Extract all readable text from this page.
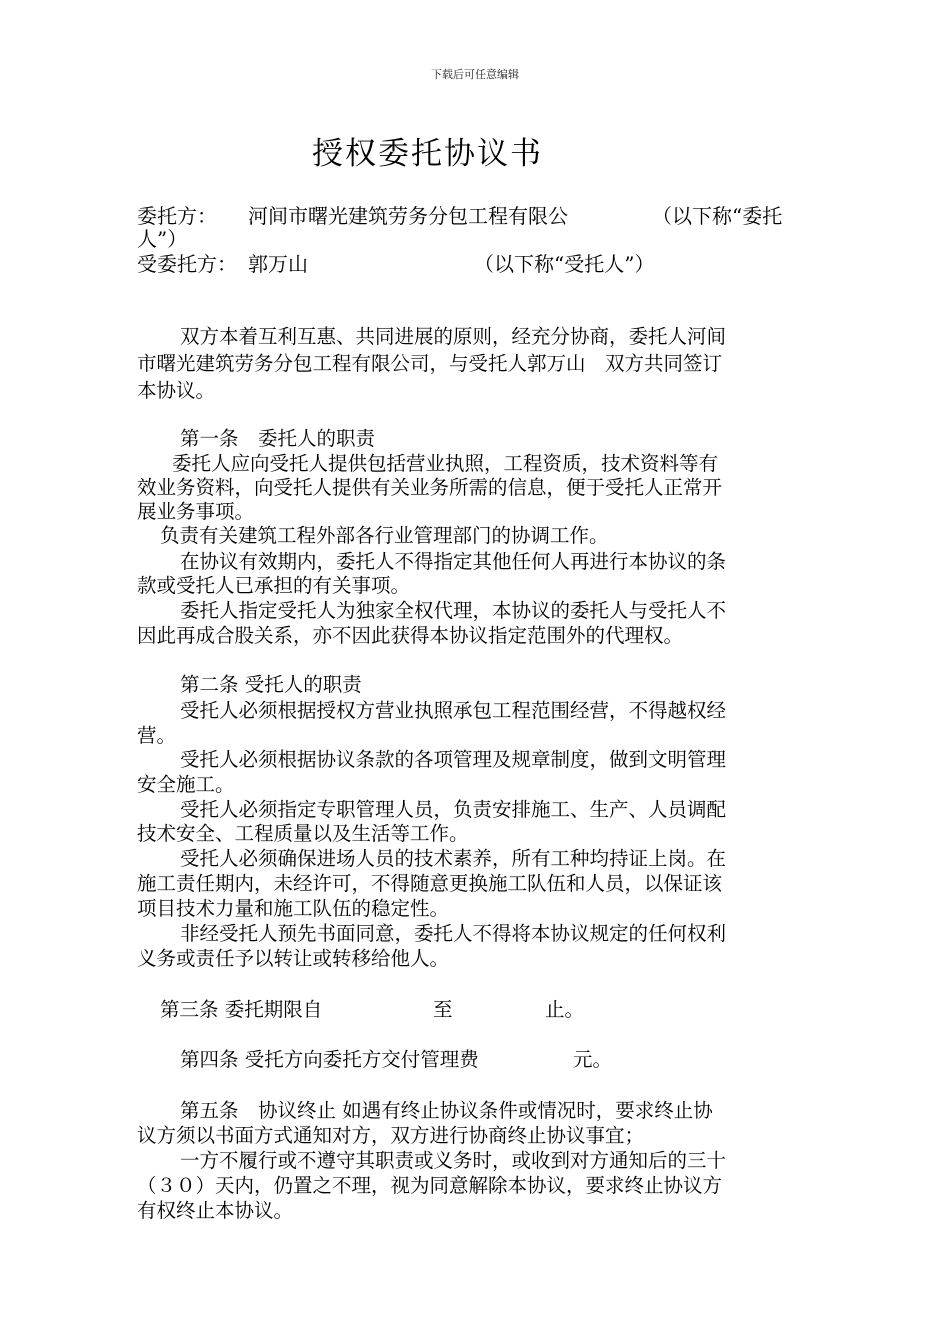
下载后可任意编辑
授权委托协议书
委托方： 河间市曙光建筑劳务分包工程有限公	（以下称“委托
人”）
受委托方： 郭万山	（以下称“受托人”）
双方本着互利互惠、共同进展的原则，经充分协商，委托人河间
市曙光建筑劳务分包工程有限公司，与受托人郭万山　双方共同签订
本协议。
第一条　委托人的职责
委托人应向受托人提供包括营业执照，工程资质，技术资料等有
效业务资料，向受托人提供有关业务所需的信息，便于受托人正常开
展业务事项。
负责有关建筑工程外部各行业管理部门的协调工作。
在协议有效期内，委托人不得指定其他任何人再进行本协议的条
款或受托人已承担的有关事项。
委托人指定受托人为独家全权代理，本协议的委托人与受托人不
因此再成合股关系，亦不因此获得本协议指定范围外的代理权。
第二条 受托人的职责
受托人必须根据授权方营业执照承包工程范围经营，不得越权经
营。
受托人必须根据协议条款的各项管理及规章制度，做到文明管理
安全施工。
受托人必须指定专职管理人员，负责安排施工、生产、人员调配
技术安全、工程质量以及生活等工作。
受托人必须确保进场人员的技术素养，所有工种均持证上岗。在
施工责任期内，未经许可，不得随意更换施工队伍和人员，以保证该
项目技术力量和施工队伍的稳定性。
非经受托人预先书面同意，委托人不得将本协议规定的任何权利
义务或责任予以转让或转移给他人。
第三条 委托期限自	至	止。
第四条 受托方向委托方交付管理费	元。
第五条　协议终止 如遇有终止协议条件或情况时，要求终止协
议方须以书面方式通知对方，双方进行协商终止协议事宜；
一方不履行或不遵守其职责或义务时，或收到对方通知后的三十
（３０）天内，仍置之不理，视为同意解除本协议，要求终止协议方
有权终止本协议。
